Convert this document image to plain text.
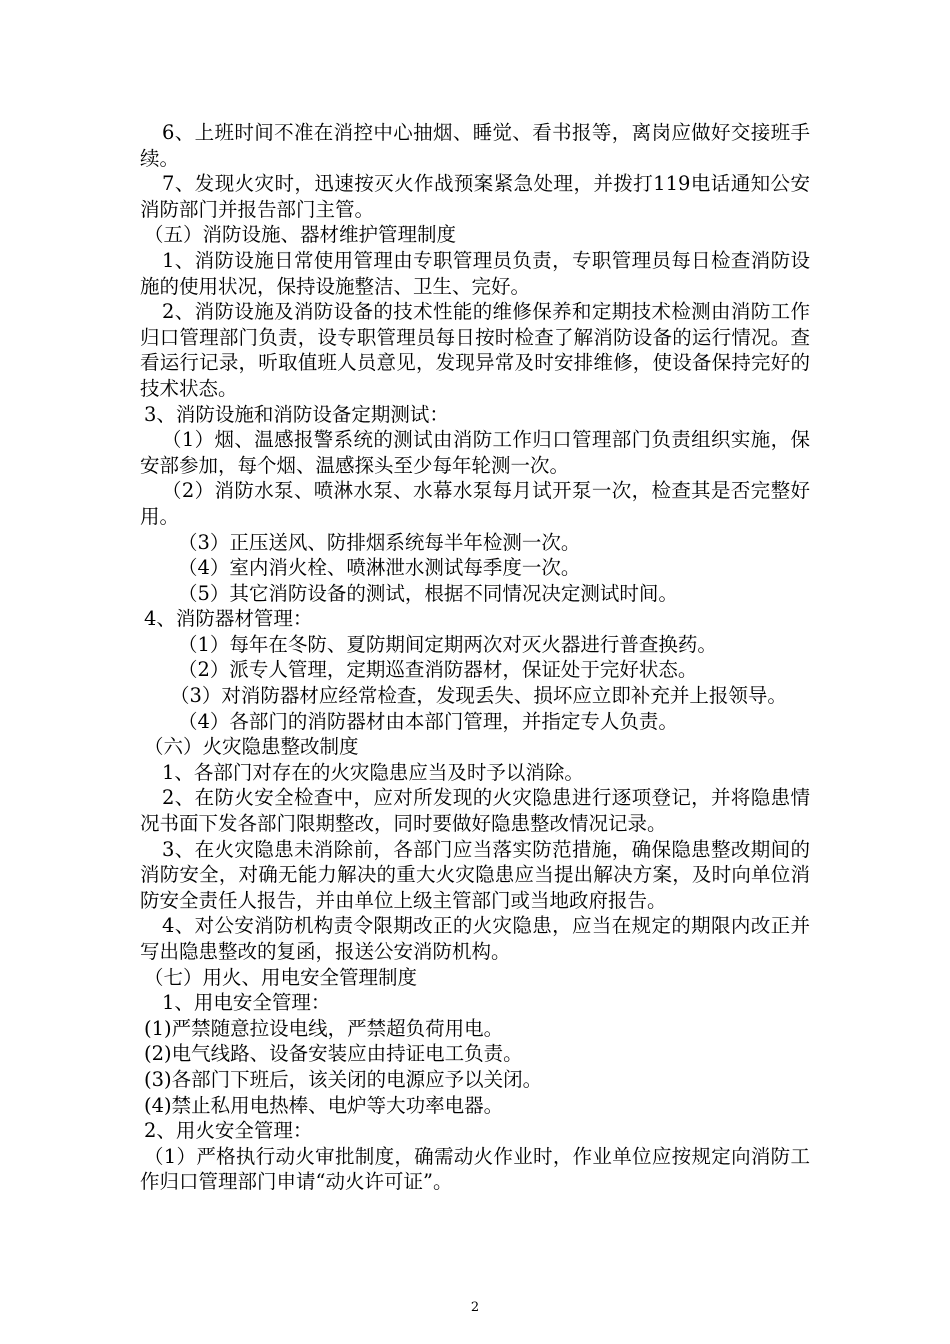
6、上班时间不准在消控中心抽烟、睡觉、看书报等，离岗应做好交接班手续。

7、发现火灾时，迅速按灭火作战预案紧急处理，并拨打119电话通知公安消防部门并报告部门主管。

（五）消防设施、器材维护管理制度

1、消防设施日常使用管理由专职管理员负责，专职管理员每日检查消防设施的使用状况，保持设施整洁、卫生、完好。

2、消防设施及消防设备的技术性能的维修保养和定期技术检测由消防工作归口管理部门负责，设专职管理员每日按时检查了解消防设备的运行情况。查看运行记录，听取值班人员意见，发现异常及时安排维修，使设备保持完好的技术状态。

3、消防设施和消防设备定期测试：

（1）烟、温感报警系统的测试由消防工作归口管理部门负责组织实施，保安部参加，每个烟、温感探头至少每年轮测一次。

（2）消防水泵、喷淋水泵、水幕水泵每月试开泵一次，检查其是否完整好用。

（3）正压送风、防排烟系统每半年检测一次。

（4）室内消火栓、喷淋泄水测试每季度一次。

（5）其它消防设备的测试，根据不同情况决定测试时间。

4、消防器材管理：

（1）每年在冬防、夏防期间定期两次对灭火器进行普查换药。

（2）派专人管理，定期巡查消防器材，保证处于完好状态。

（3）对消防器材应经常检查，发现丢失、损坏应立即补充并上报领导。

（4）各部门的消防器材由本部门管理，并指定专人负责。

（六）火灾隐患整改制度

1、各部门对存在的火灾隐患应当及时予以消除。

2、在防火安全检查中，应对所发现的火灾隐患进行逐项登记，并将隐患情况书面下发各部门限期整改，同时要做好隐患整改情况记录。

3、在火灾隐患未消除前，各部门应当落实防范措施，确保隐患整改期间的消防安全，对确无能力解决的重大火灾隐患应当提出解决方案，及时向单位消防安全责任人报告，并由单位上级主管部门或当地政府报告。

4、对公安消防机构责令限期改正的火灾隐患，应当在规定的期限内改正并写出隐患整改的复函，报送公安消防机构。

（七）用火、用电安全管理制度

1、用电安全管理：

(1)严禁随意拉设电线，严禁超负荷用电。

(2)电气线路、设备安装应由持证电工负责。

(3)各部门下班后，该关闭的电源应予以关闭。

(4)禁止私用电热棒、电炉等大功率电器。

2、用火安全管理：

（1）严格执行动火审批制度，确需动火作业时，作业单位应按规定向消防工作归口管理部门申请“动火许可证”。

2
